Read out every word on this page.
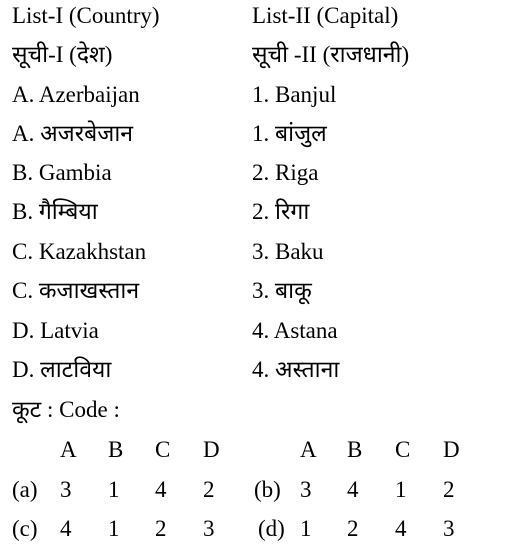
List-I (Country)	List-II (Capital)
सूची-I (देश)	सूची -II (राजधानी)
A. Azerbaijan	1. Banjul
A. अजरबेजान	1. बांजुल
B. Gambia	2. Riga
B. गैम्बिया	2. रिगा
C. Kazakhstan	3. Baku
C. कजाखस्तान	3. बाकू
D. Latvia	4. Astana
D. लाटविया	4. अस्ताना
कूट : Code :
A B C D	A B C D
(a) 3 1 4 2 (b) 3 4 1 2
(c) 4 1 2 3 (d) 1 2 4 3
